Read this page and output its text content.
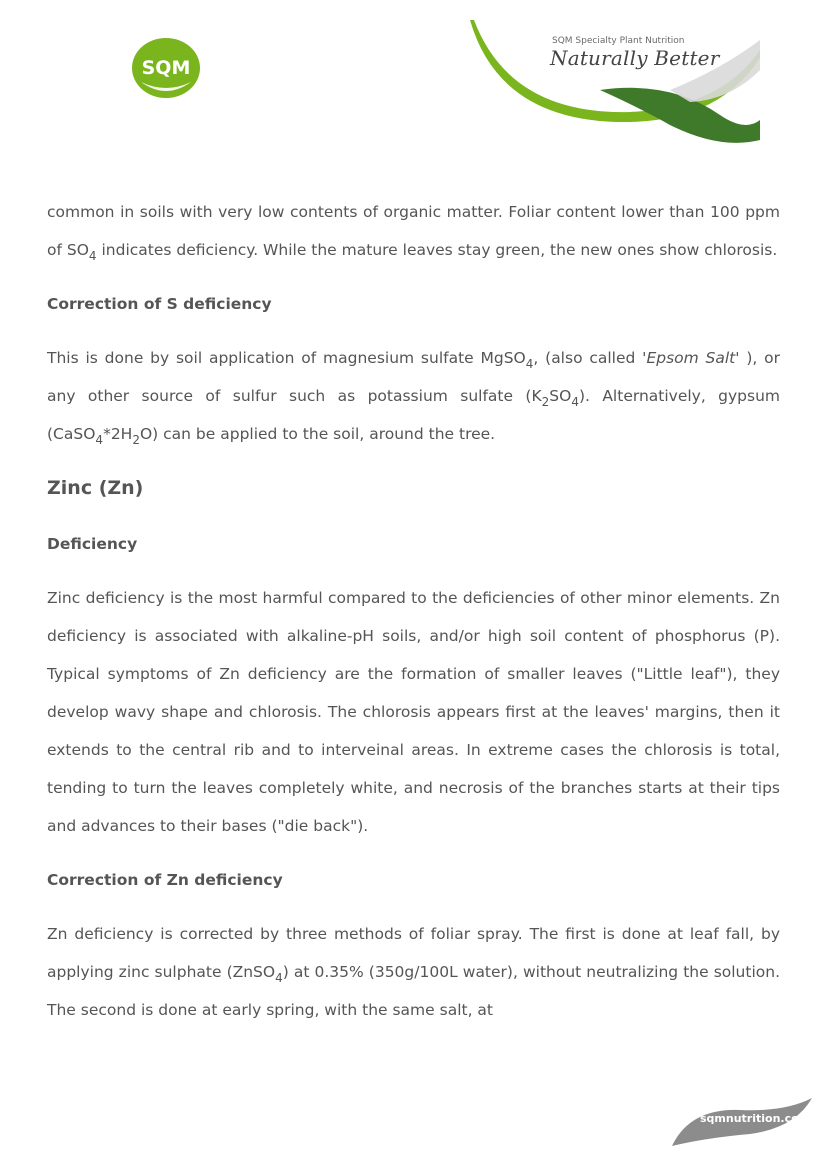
SQM
SQM Specialty Plant Nutrition
Naturally Better

common in soils with very low contents of organic matter. Foliar content lower than 100 ppm of $SO_4$ indicates deficiency. While the mature leaves stay green, the new ones show chlorosis.

Correction of S deficiency

This is done by soil application of magnesium sulfate MgSO$_4$, (also called 'Epsom Salt' ), or any other source of sulfur such as potassium sulfate $(K_2SO_4)$. Alternatively, gypsum $(CaSO_4*2H_2O)$ can be applied to the soil, around the tree.

Zinc (Zn)
Deficiency

Zinc deficiency is the most harmful compared to the deficiencies of other minor elements. Zn deficiency is associated with alkaline-pH soils, and/or high soil content of phosphorus (P). Typical symptoms of Zn deficiency are the formation of smaller leaves ("Little leaf"), they develop wavy shape and chlorosis. The chlorosis appears first at the leaves' margins, then it extends to the central rib and to interveinal areas. In extreme cases the chlorosis is total, tending to turn the leaves completely white, and necrosis of the branches starts at their tips and advances to their bases ("die back").

Correction of Zn deficiency

Zn deficiency is corrected by three methods of foliar spray. The first is done at leaf fall, by applying zinc sulphate (ZnSO$_4$) at 0.35% (350g/100L water), without neutralizing the solution. The second is done at early spring, with the same salt, at

sqmnutrition.com
